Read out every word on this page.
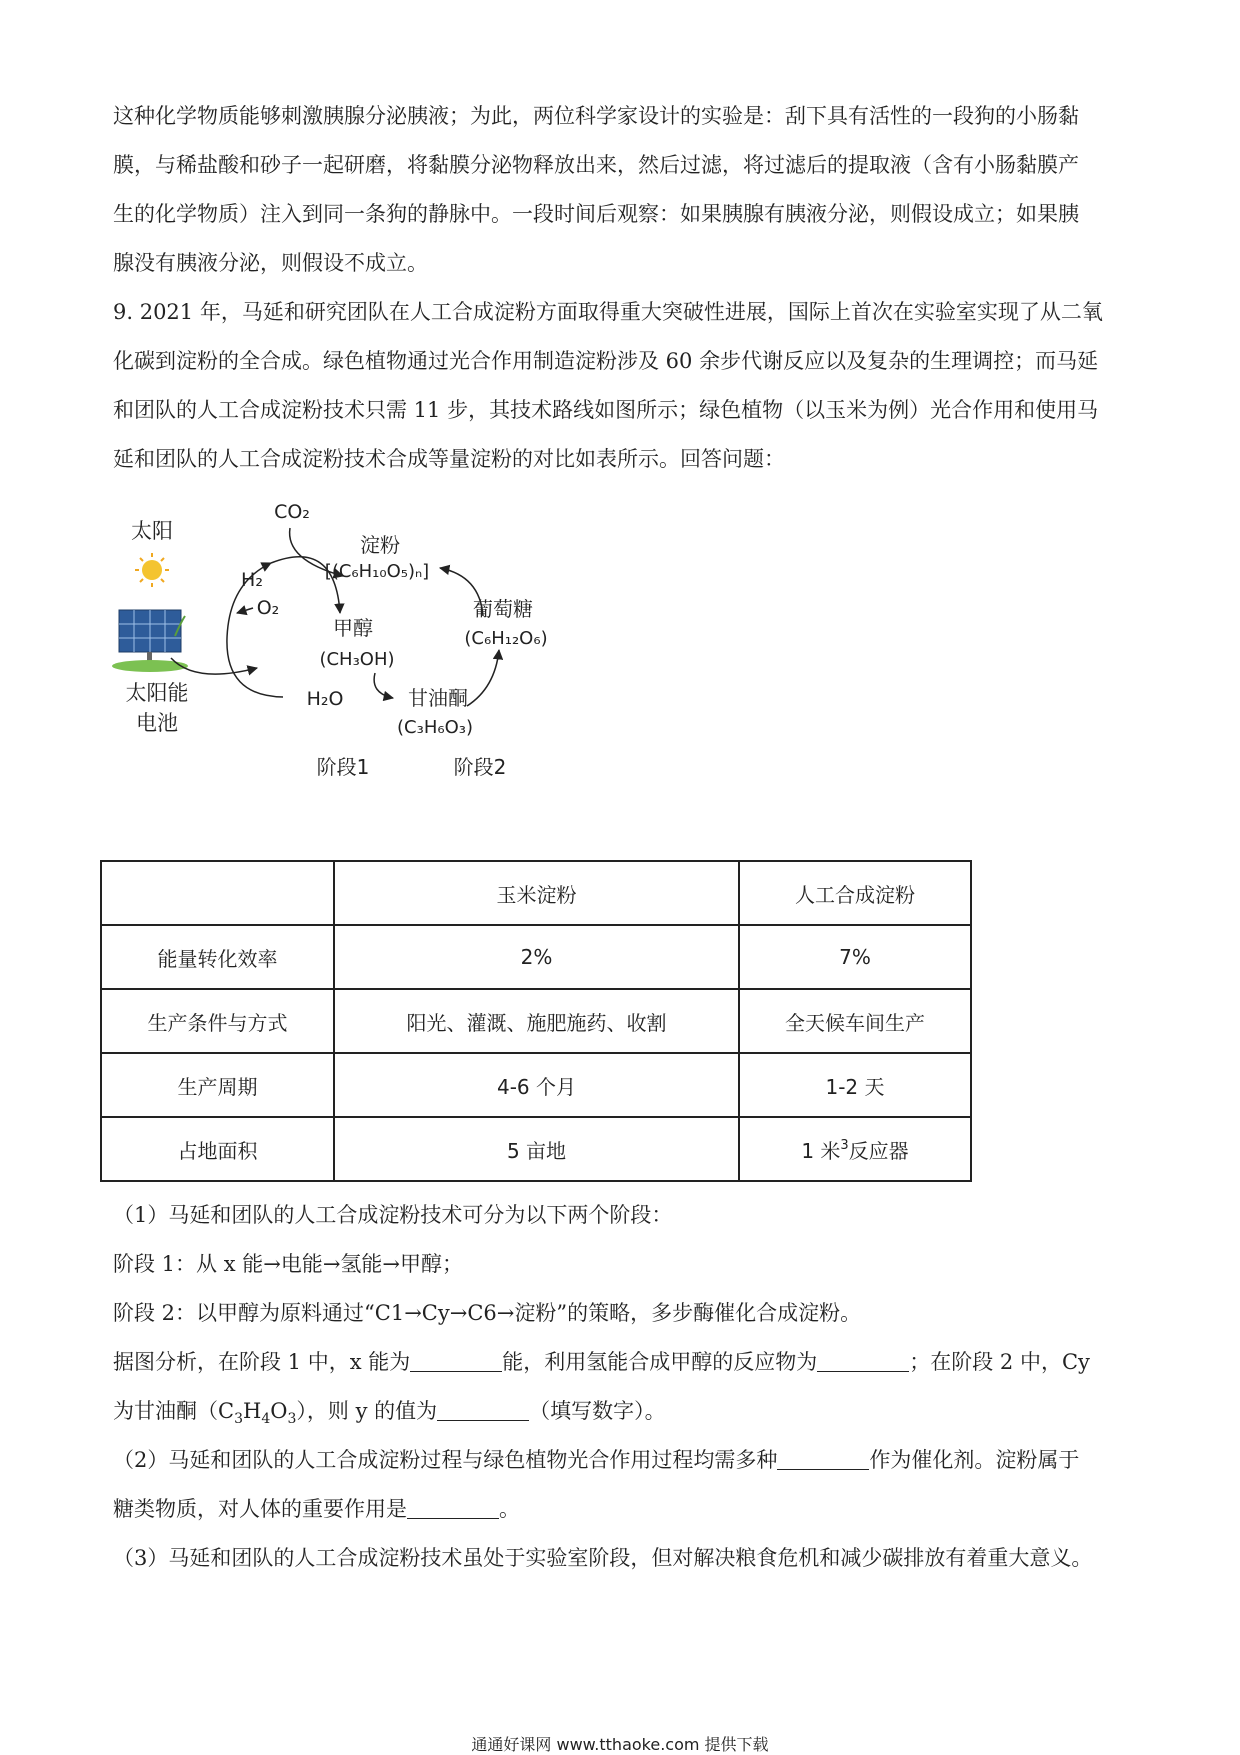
这种化学物质能够刺激胰腺分泌胰液；为此，两位科学家设计的实验是：刮下具有活性的一段狗的小肠黏
膜，与稀盐酸和砂子一起研磨，将黏膜分泌物释放出来，然后过滤，将过滤后的提取液（含有小肠黏膜产
生的化学物质）注入到同一条狗的静脉中。一段时间后观察：如果胰腺有胰液分泌，则假设成立；如果胰
腺没有胰液分泌，则假设不成立。
9. 2021 年，马延和研究团队在人工合成淀粉方面取得重大突破性进展，国际上首次在实验室实现了从二氧
化碳到淀粉的全合成。绿色植物通过光合作用制造淀粉涉及 60 余步代谢反应以及复杂的生理调控；而马延
和团队的人工合成淀粉技术只需 11 步，其技术路线如图所示；绿色植物（以玉米为例）光合作用和使用马
延和团队的人工合成淀粉技术合成等量淀粉的对比如表所示。回答问题：
太阳
太阳能
电池
CO₂
淀粉
[(C₆H₁₀O₅)ₙ]
H₂
O₂
甲醇
(CH₃OH)
葡萄糖
(C₆H₁₂O₆)
H₂O	甘油酮
(C₃H₆O₃)
阶段1	阶段2
	玉米淀粉	人工合成淀粉
能量转化效率	2%	7%
生产条件与方式	阳光、灌溉、施肥施药、收割	全天候车间生产
生产周期	4-6 个月	1-2 天
占地面积	5 亩地	1 米$^3$反应器
（1）马延和团队的人工合成淀粉技术可分为以下两个阶段：
阶段 1：从 x 能→电能→氢能→甲醇；
阶段 2：以甲醇为原料通过“C1→Cy→C6→淀粉”的策略，多步酶催化合成淀粉。
据图分析，在阶段 1 中，x 能为	能，利用氢能合成甲醇的反应物为	；在阶段 2 中，Cy
为甘油酮$(C_3H_4O_3)$，则 y 的值为	（填写数字）。
（2）马延和团队的人工合成淀粉过程与绿色植物光合作用过程均需多种	作为催化剂。淀粉属于
糖类物质，对人体的重要作用是	。
（3）马延和团队的人工合成淀粉技术虽处于实验室阶段，但对解决粮食危机和减少碳排放有着重大意义。
通通好课网 www.tthaoke.com 提供下载
